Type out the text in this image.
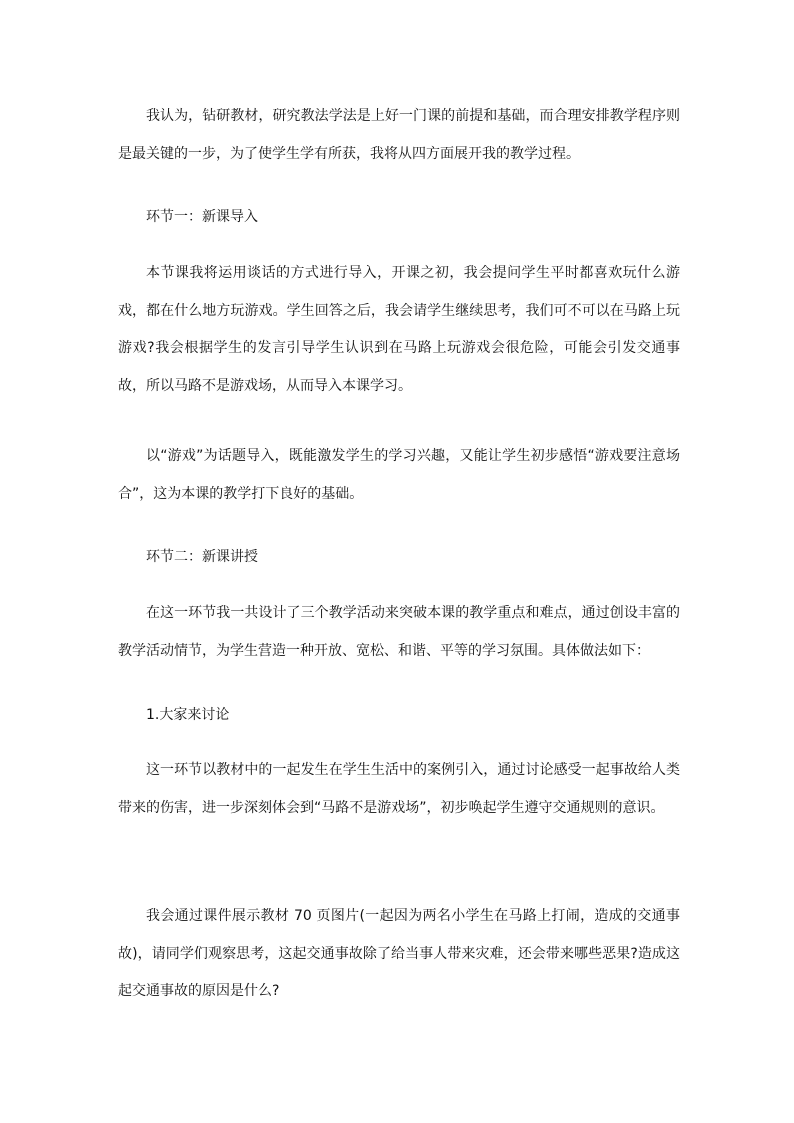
我认为，钻研教材，研究教法学法是上好一门课的前提和基础，而合理安排教学程序则是最关键的一步，为了使学生学有所获，我将从四方面展开我的教学过程。

环节一：新课导入

本节课我将运用谈话的方式进行导入，开课之初，我会提问学生平时都喜欢玩什么游戏，都在什么地方玩游戏。学生回答之后，我会请学生继续思考，我们可不可以在马路上玩游戏?我会根据学生的发言引导学生认识到在马路上玩游戏会很危险，可能会引发交通事故，所以马路不是游戏场，从而导入本课学习。

以“游戏”为话题导入，既能激发学生的学习兴趣，又能让学生初步感悟“游戏要注意场合”，这为本课的教学打下良好的基础。

环节二：新课讲授

在这一环节我一共设计了三个教学活动来突破本课的教学重点和难点，通过创设丰富的教学活动情节，为学生营造一种开放、宽松、和谐、平等的学习氛围。具体做法如下：

1.大家来讨论

这一环节以教材中的一起发生在学生生活中的案例引入，通过讨论感受一起事故给人类带来的伤害，进一步深刻体会到“马路不是游戏场”，初步唤起学生遵守交通规则的意识。

我会通过课件展示教材 70 页图片(一起因为两名小学生在马路上打闹，造成的交通事故)，请同学们观察思考，这起交通事故除了给当事人带来灾难，还会带来哪些恶果?造成这起交通事故的原因是什么?
